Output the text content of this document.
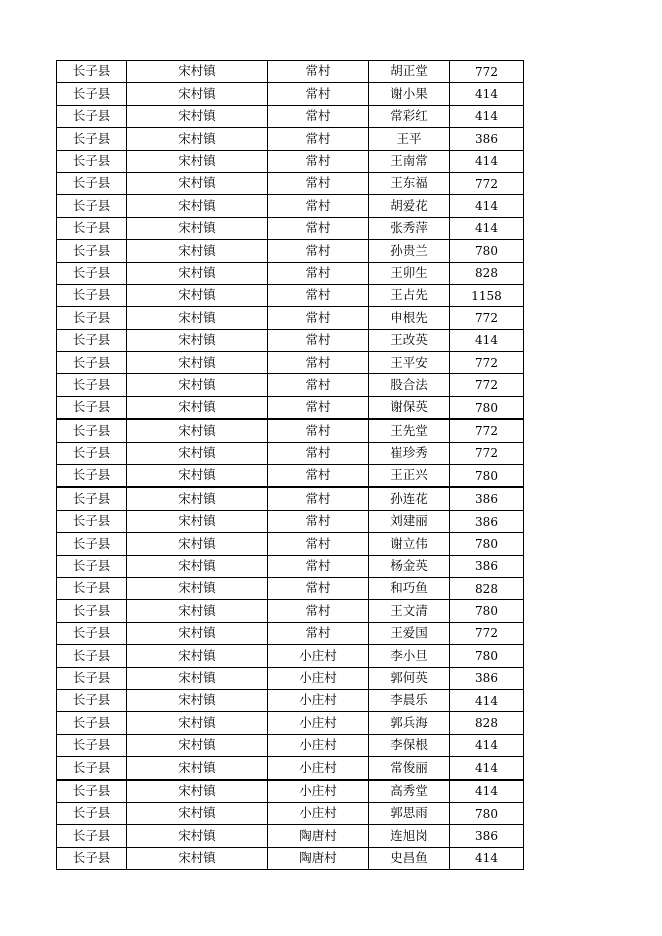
长子县	宋村镇	常村	胡正堂	772
长子县	宋村镇	常村	谢小果	414
长子县	宋村镇	常村	常彩红	414
长子县	宋村镇	常村	王平	386
长子县	宋村镇	常村	王南常	414
长子县	宋村镇	常村	王东福	772
长子县	宋村镇	常村	胡爱花	414
长子县	宋村镇	常村	张秀萍	414
长子县	宋村镇	常村	孙贵兰	780
长子县	宋村镇	常村	王卯生	828
长子县	宋村镇	常村	王占先	1158
长子县	宋村镇	常村	申根先	772
长子县	宋村镇	常村	王改英	414
长子县	宋村镇	常村	王平安	772
长子县	宋村镇	常村	股合法	772
长子县	宋村镇	常村	谢保英	780
长子县	宋村镇	常村	王先堂	772
长子县	宋村镇	常村	崔珍秀	772
长子县	宋村镇	常村	王正兴	780
长子县	宋村镇	常村	孙连花	386
长子县	宋村镇	常村	刘建丽	386
长子县	宋村镇	常村	谢立伟	780
长子县	宋村镇	常村	杨金英	386
长子县	宋村镇	常村	和巧鱼	828
长子县	宋村镇	常村	王文清	780
长子县	宋村镇	常村	王爱国	772
长子县	宋村镇	小庄村	李小旦	780
长子县	宋村镇	小庄村	郭何英	386
长子县	宋村镇	小庄村	李晨乐	414
长子县	宋村镇	小庄村	郭兵海	828
长子县	宋村镇	小庄村	李保根	414
长子县	宋村镇	小庄村	常俊丽	414
长子县	宋村镇	小庄村	高秀堂	414
长子县	宋村镇	小庄村	郭思雨	780
长子县	宋村镇	陶唐村	连旭岗	386
长子县	宋村镇	陶唐村	史昌鱼	414
